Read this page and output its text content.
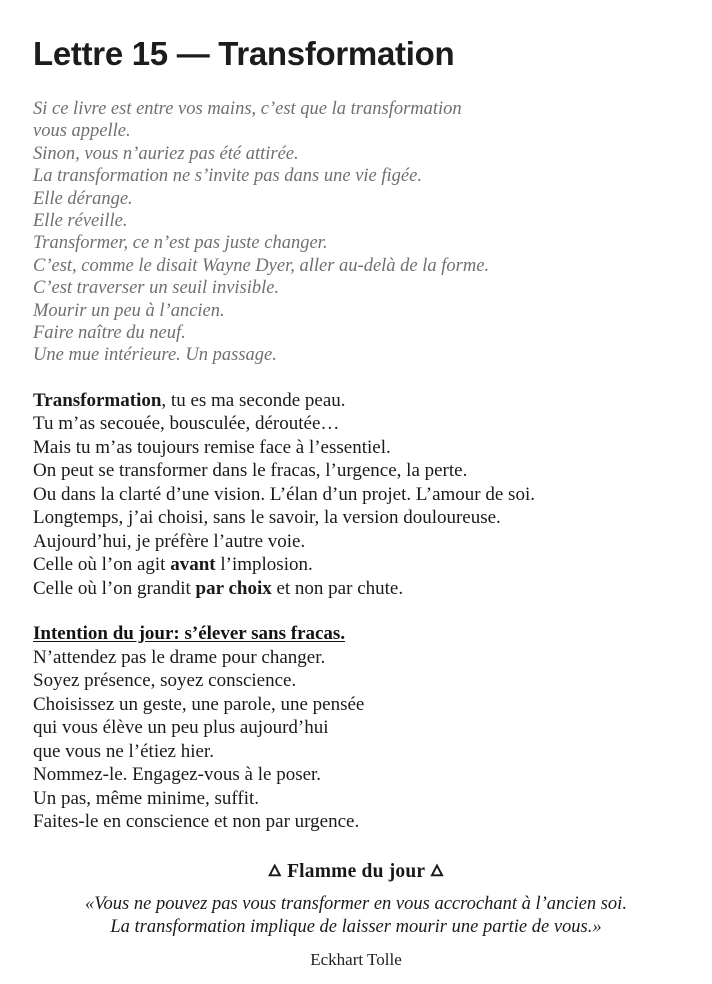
Lettre 15 — Transformation
Si ce livre est entre vos mains, c’est que la transformation
vous appelle.
Sinon, vous n’auriez pas été attirée.
La transformation ne s’invite pas dans une vie figée.
Elle dérange.
Elle réveille.
Transformer, ce n’est pas juste changer.
C’est, comme le disait Wayne Dyer, aller au-delà de la forme.
C’est traverser un seuil invisible.
Mourir un peu à l’ancien.
Faire naître du neuf.
Une mue intérieure. Un passage.
Transformation, tu es ma seconde peau.
Tu m’as secouée, bousculée, déroutée…
Mais tu m’as toujours remise face à l’essentiel.
On peut se transformer dans le fracas, l’urgence, la perte.
Ou dans la clarté d’une vision. L’élan d’un projet. L’amour de soi.
Longtemps, j’ai choisi, sans le savoir, la version douloureuse.
Aujourd’hui, je préfère l’autre voie.
Celle où l’on agit avant l’implosion.
Celle où l’on grandit par choix et non par chute.
Intention du jour: s’élever sans fracas.
N’attendez pas le drame pour changer.
Soyez présence, soyez conscience.
Choisissez un geste, une parole, une pensée
qui vous élève un peu plus aujourd’hui
que vous ne l’étiez hier.
Nommez-le. Engagez-vous à le poser.
Un pas, même minime, suffit.
Faites-le en conscience et non par urgence.
🜂 Flamme du jour 🜂
«Vous ne pouvez pas vous transformer en vous accrochant à l’ancien soi.
La transformation implique de laisser mourir une partie de vous.»
Eckhart Tolle
